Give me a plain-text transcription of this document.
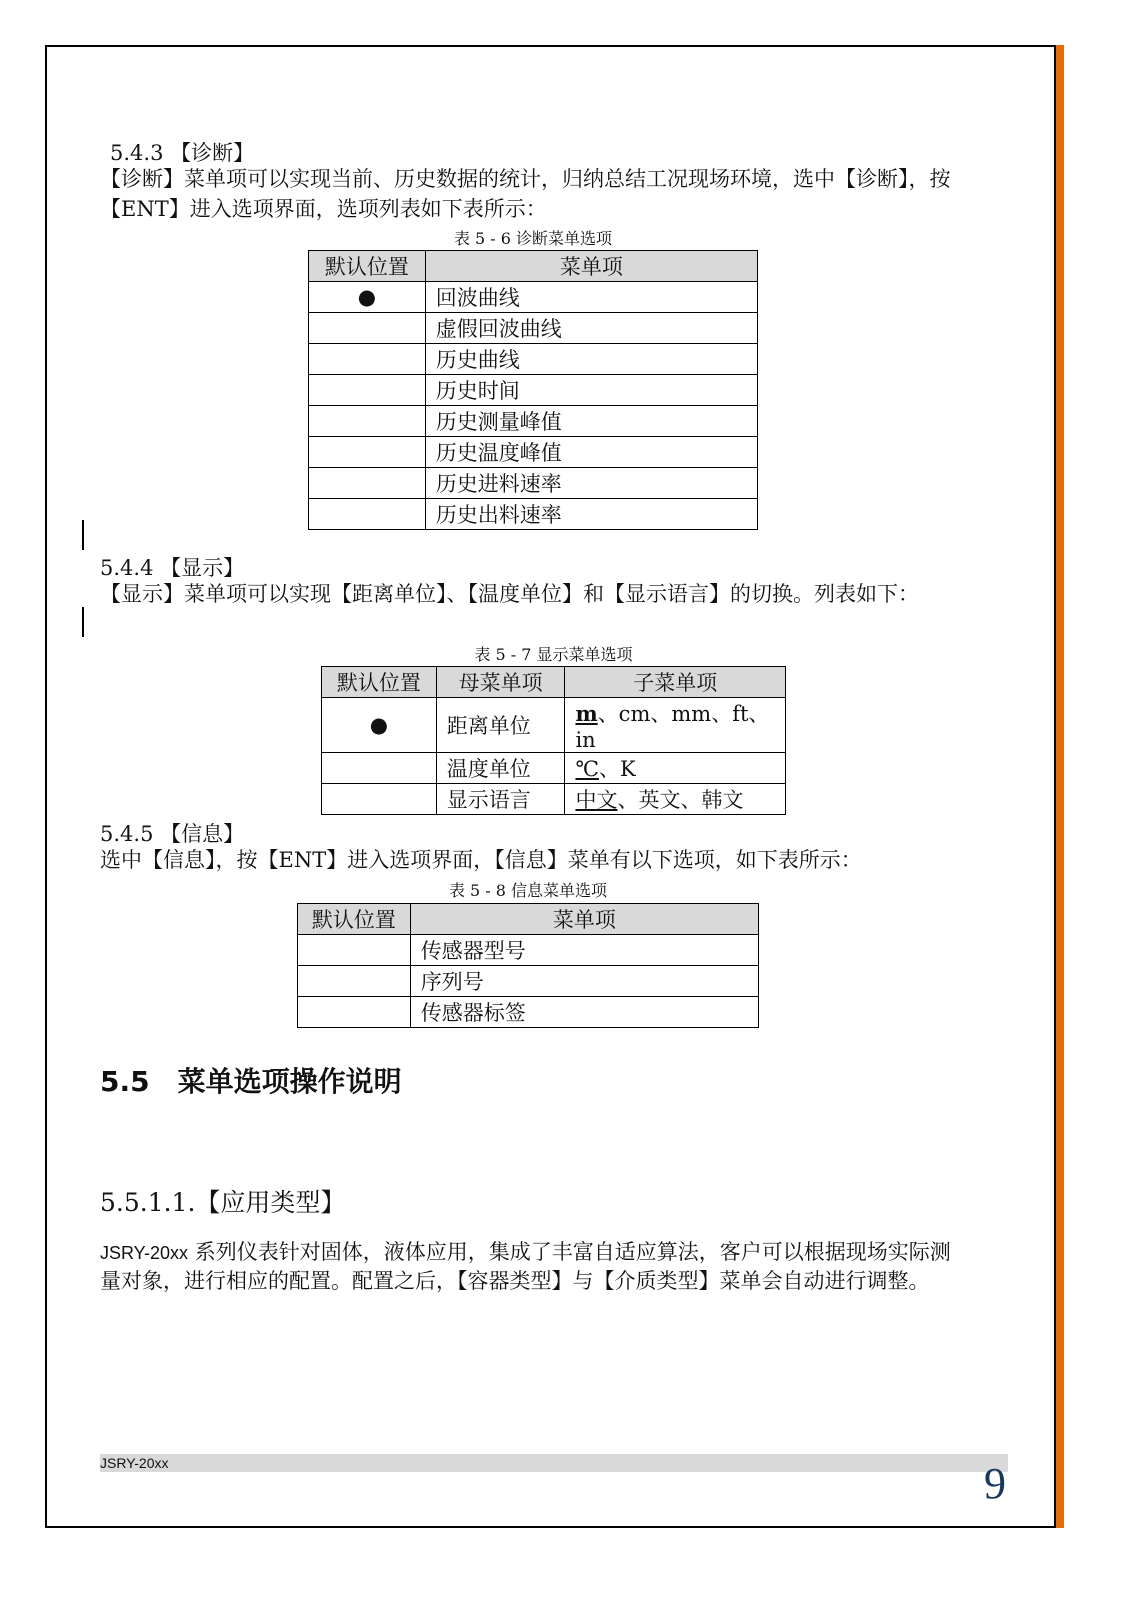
5.4.3 【诊断】
【诊断】菜单项可以实现当前、历史数据的统计，归纳总结工况现场环境，选中【诊断】，按
【ENT】进入选项界面，选项列表如下表所示：
表 5 - 6 诊断菜单选项
默认位置	菜单项
●	回波曲线
	虚假回波曲线
	历史曲线
	历史时间
	历史测量峰值
	历史温度峰值
	历史进料速率
	历史出料速率
5.4.4 【显示】
【显示】菜单项可以实现【距离单位】、【温度单位】和【显示语言】的切换。列表如下：
表 5 - 7 显示菜单选项
默认位置	母菜单项	子菜单项
●	距离单位	m、cm、mm、ft、in
	温度单位	℃、K
	显示语言	中文、英文、韩文
5.4.5 【信息】
选中【信息】，按【ENT】进入选项界面，【信息】菜单有以下选项，如下表所示：
表 5 - 8 信息菜单选项
默认位置	菜单项
	传感器型号
	序列号
	传感器标签
5.5　菜单选项操作说明
5.5.1.1.【应用类型】
JSRY-20xx 系列仪表针对固体，液体应用，集成了丰富自适应算法，客户可以根据现场实际测
量对象，进行相应的配置。配置之后，【容器类型】与【介质类型】菜单会自动进行调整。
JSRY-20xx	9
